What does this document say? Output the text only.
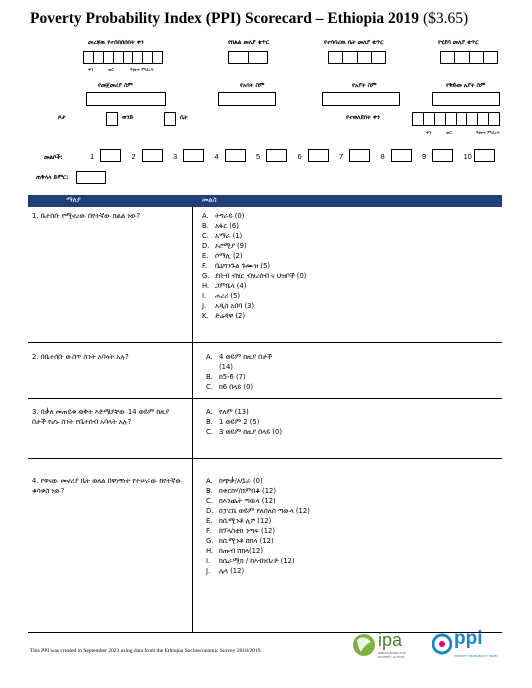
Poverty Probability Index (PPI) Scorecard – Ethiopia 2019 ($3.65)
መረጃዉ የተሰበሰበበት ቀን	የክልል መለያ ቁጥር	የተባባሪዉ ቤት መለያ ቁጥር	የሂደሳ መለያ ቁጥር
ቀን	ወር	ዓመተ ምህረት
የመጀመሪያ ስም	የአባት ስም	የአያት ስም	የቅድመ አያት ስም
ጾታ	ወንድ	ሴት	የተወለደበት ቀን
ቀን	ወር	ዓመተ ምህረት
መልሶች:	1	2	3	4	5	6	7	8	9	10
ጠቅላላ ድምር:
ማለያ	መልስ
1. ቤተሰቡ የሚኖረው በየትኛው ክልል ነው?	A. ትግራይ (0)
B. አፋር (6)
C. አማራ (1)
D. ኦሮሚያ (9)
E. ሶማሊ (2)
F.	ቤኒሻንጉል ጉሙዝ (5)
G. ደቡብ ብሄር ብሄረሰብ ና ህዝቦች (0)
H. ጋምቤላ (4)
I.	ሐረሪ (5)
J.	አዲስ አበባ (3)
K. ድሬዳዋ (2)
2. በቤተሰቡ ውስጥ ስንት አባላት አሉ?	A. 4 ወይም ከዚያ በታች (14)
B. ከ5-6 (7)
C. ከ6 በላይ (0)
3. በቃለ መጠይቁ ወቅት እድሜያቸው 14 ወይም ከዚያ በታች የሆኑ ስንት የቤተሰብ አባላት አሉ?
A. የለም (13)
B. 1 ወይም 2 (5)
C. 3 ወይም ከዚያ በላይ (0)
4. የዋናው መኖሪያ ቤት ወለል በዋነኝነት የተሠራው ከየትኛው ቁሳቁስ ነው?
A. ከጭቃ/አቧራ (0)
B. ከቀርከሃ/ሸምበቆ (12)
C. ከእንጨት ጣዉላ (12)
D. ከፓርኬ ወይም የለሰለሰ ጣውላ (12)
E. ከሲሚንቶ ሊሾ (12)
F.	ከፕላስቲክ ንጣፍ (12)
G. ከሲሚንቶ ሸክላ (12)
H. ከጡብ ሸክላ(12)
I.	ከሴራሚክ / ከእብነበረድ (12)
J.	ሌላ (12)
This PPI was created in September 2023 using data from the Ethiopia Socioeconomic Survey 2018/2019.
ipa
INNOVATIONS FOR POVERTY ACTION
ppi
POVERTY PROBABILITY INDEX
